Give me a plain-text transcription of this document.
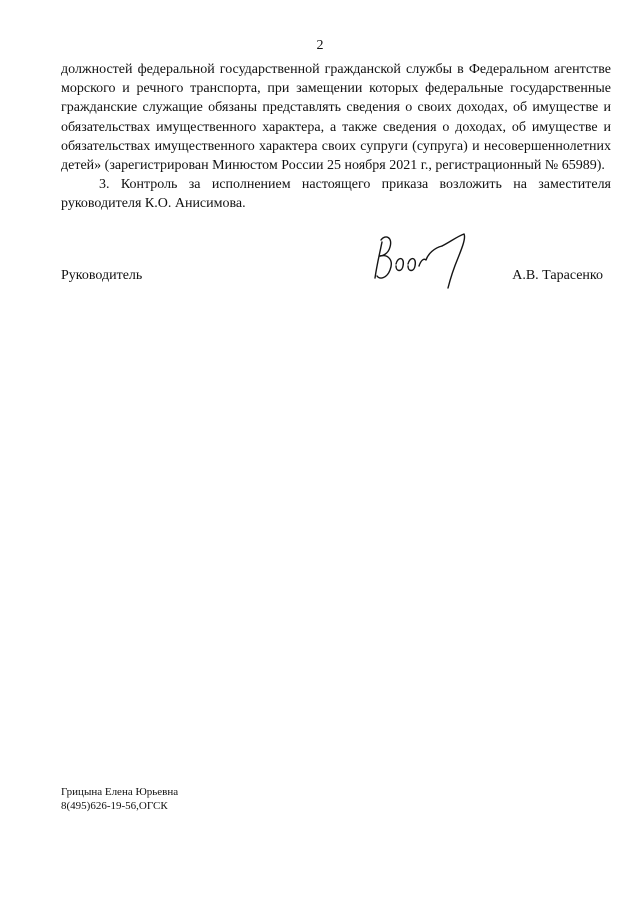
2

должностей федеральной государственной гражданской службы в Федеральном агентстве морского и речного транспорта, при замещении которых федеральные государственные гражданские служащие обязаны представлять сведения о своих доходах, об имуществе и обязательствах имущественного характера, а также сведения о доходах, об имуществе и обязательствах имущественного характера своих супруги (супруга) и несовершеннолетних детей» (зарегистрирован Минюстом России 25 ноября 2021 г., регистрационный № 65989).

3. Контроль за исполнением настоящего приказа возложить на заместителя руководителя К.О. Анисимова.

Руководитель	А.В. Тарасенко
Грицына Елена Юрьевна
8(495)626-19-56,ОГСК
